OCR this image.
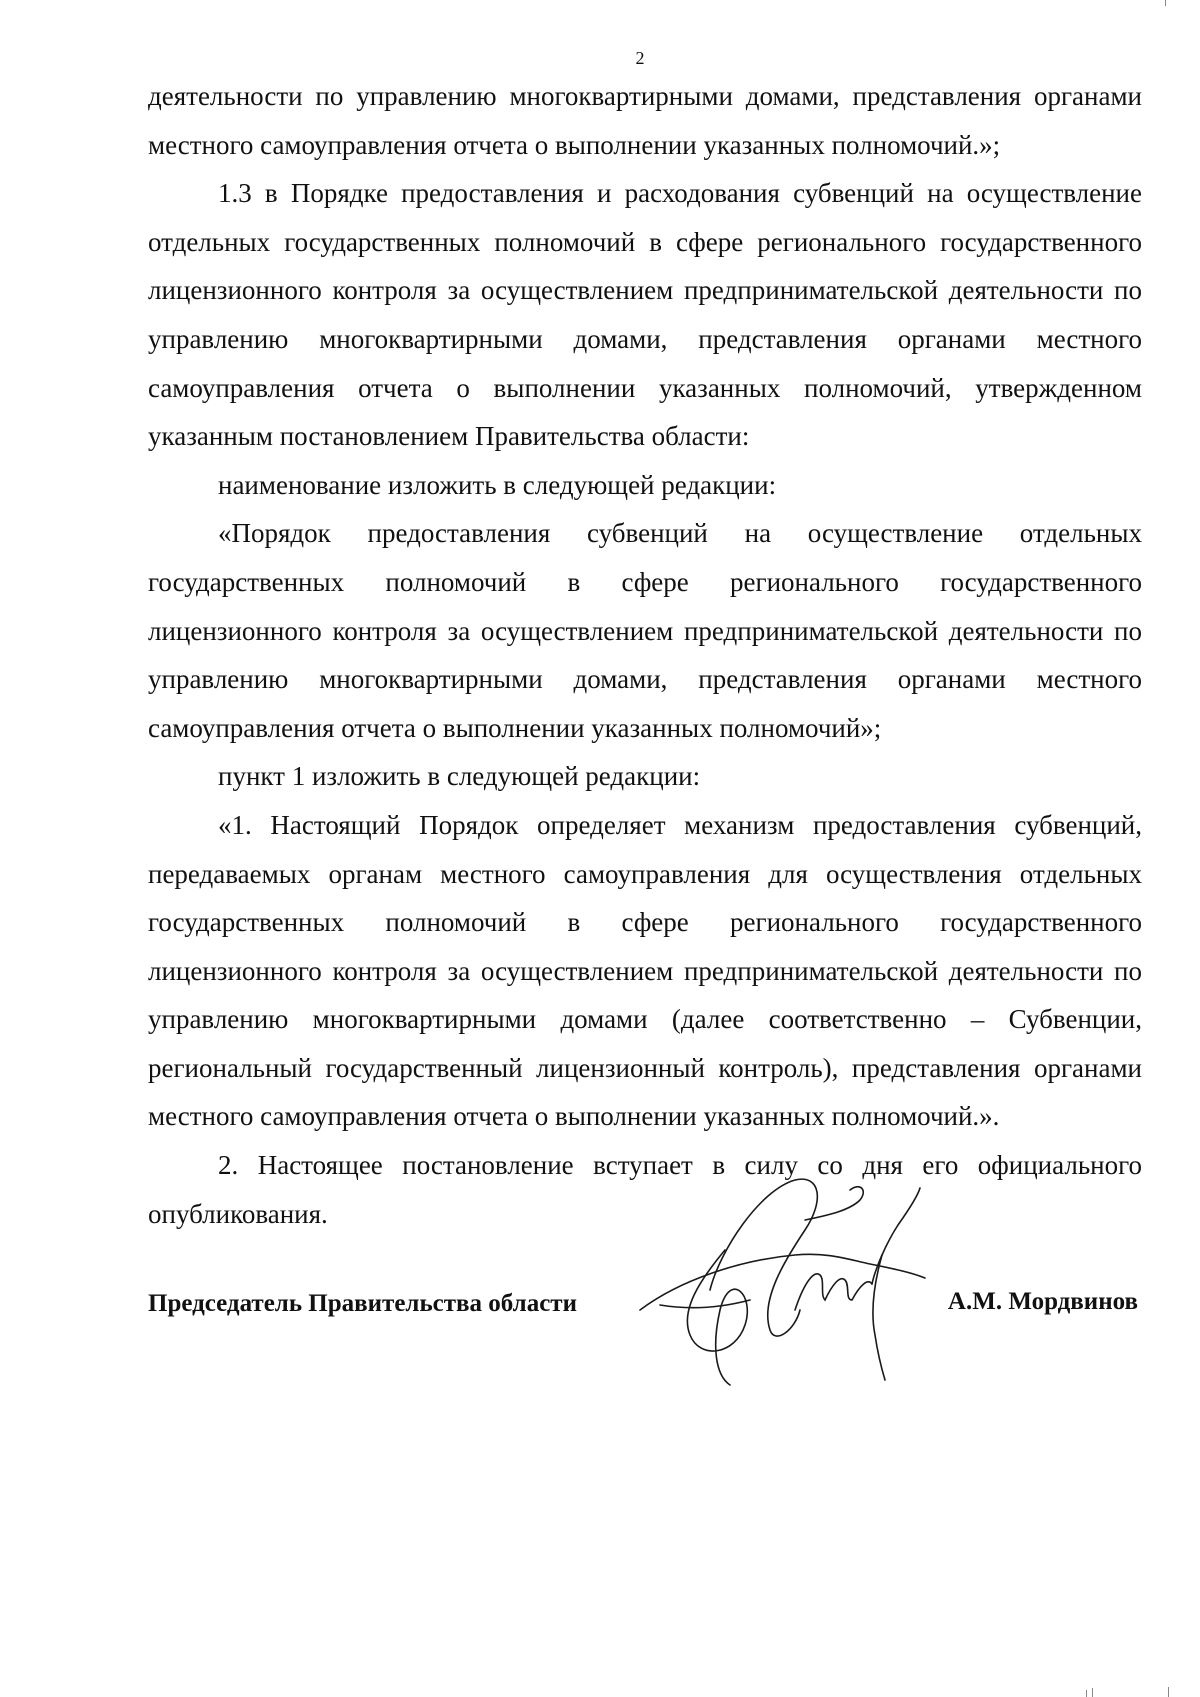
2

деятельности по управлению многоквартирными домами, представления органами местного самоуправления отчета о выполнении указанных полномочий.»;

1.3 в Порядке предоставления и расходования субвенций на осуществление отдельных государственных полномочий в сфере регионального государственного лицензионного контроля за осуществлением предпринимательской деятельности по управлению многоквартирными домами, представления органами местного самоуправления отчета о выполнении указанных полномочий, утвержденном указанным постановлением Правительства области:

наименование изложить в следующей редакции:

«Порядок предоставления субвенций на осуществление отдельных государственных полномочий в сфере регионального государственного лицензионного контроля за осуществлением предпринимательской деятельности по управлению многоквартирными домами, представления органами местного самоуправления отчета о выполнении указанных полномочий»;

пункт 1 изложить в следующей редакции:

«1. Настоящий Порядок определяет механизм предоставления субвенций, передаваемых органам местного самоуправления для осуществления отдельных государственных полномочий в сфере регионального государственного лицензионного контроля за осуществлением предпринимательской деятельности по управлению многоквартирными домами (далее соответственно – Субвенции, региональный государственный лицензионный контроль), представления органами местного самоуправления отчета о выполнении указанных полномочий.».

2. Настоящее постановление вступает в силу со дня его официального опубликования.

Председатель Правительства области	А.М. Мордвинов
